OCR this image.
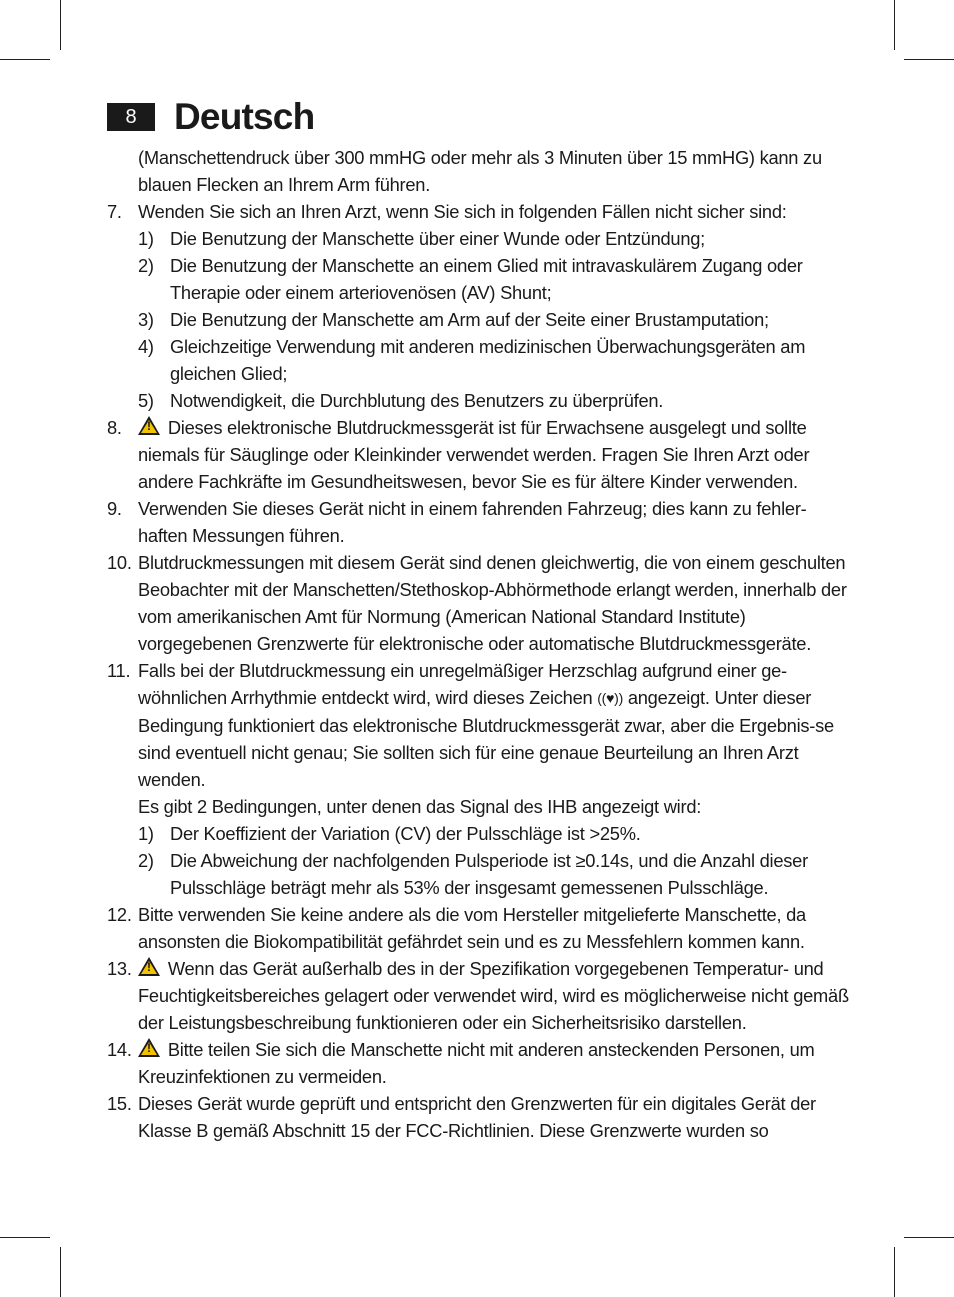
8	Deutsch

(Manschettendruck über 300 mmHG oder mehr als 3 Minuten über 15 mmHG) kann zu blauen Flecken an Ihrem Arm führen.

7. Wenden Sie sich an Ihren Arzt, wenn Sie sich in folgenden Fällen nicht sicher sind:
1) Die Benutzung der Manschette über einer Wunde oder Entzündung;
2) Die Benutzung der Manschette an einem Glied mit intravaskulärem Zugang oder Therapie oder einem arteriovenösen (AV) Shunt;
3) Die Benutzung der Manschette am Arm auf der Seite einer Brustamputation;
4) Gleichzeitige Verwendung mit anderen medizinischen Überwachungsgeräten am gleichen Glied;
5) Notwendigkeit, die Durchblutung des Benutzers zu überprüfen.
8. !	Dieses elektronische Blutdruckmessgerät ist für Erwachsene ausgelegt und sollte niemals für Säuglinge oder Kleinkinder verwendet werden. Fragen Sie Ihren Arzt oder andere Fachkräfte im Gesundheitswesen, bevor Sie es für ältere Kinder verwenden.
9. Verwenden Sie dieses Gerät nicht in einem fahrenden Fahrzeug; dies kann zu fehler-haften Messungen führen.
10. Blutdruckmessungen mit diesem Gerät sind denen gleichwertig, die von einem geschulten Beobachter mit der Manschetten/Stethoskop-Abhörmethode erlangt werden, innerhalb der vom amerikanischen Amt für Normung (American National Standard Institute) vorgegebenen Grenzwerte für elektronische oder automatische Blutdruckmessgeräte.
11. Falls bei der Blutdruckmessung ein unregelmäßiger Herzschlag aufgrund einer ge-wöhnlichen Arrhythmie entdeckt wird, wird dieses Zeichen ((♥)) angezeigt. Unter dieser Bedingung funktioniert das elektronische Blutdruckmessgerät zwar, aber die Ergebnis-se sind eventuell nicht genau; Sie sollten sich für eine genaue Beurteilung an Ihren Arzt wenden.

Es gibt 2 Bedingungen, unter denen das Signal des IHB angezeigt wird:

1) Der Koeffizient der Variation (CV) der Pulsschläge ist >25%.
2) Die Abweichung der nachfolgenden Pulsperiode ist ≥0.14s, und die Anzahl dieser Pulsschläge beträgt mehr als 53% der insgesamt gemessenen Pulsschläge.
12. Bitte verwenden Sie keine andere als die vom Hersteller mitgelieferte Manschette, da ansonsten die Biokompatibilität gefährdet sein und es zu Messfehlern kommen kann.
13. ! Wenn das Gerät außerhalb des in der Spezifikation vorgegebenen Temperatur- und Feuchtigkeitsbereiches gelagert oder verwendet wird, wird es möglicherweise nicht gemäß der Leistungsbeschreibung funktionieren oder ein Sicherheitsrisiko darstellen.
14. ! Bitte teilen Sie sich die Manschette nicht mit anderen ansteckenden Personen, um Kreuzinfektionen zu vermeiden.
15. Dieses Gerät wurde geprüft und entspricht den Grenzwerten für ein digitales Gerät der Klasse B gemäß Abschnitt 15 der FCC-Richtlinien. Diese Grenzwerte wurden so
